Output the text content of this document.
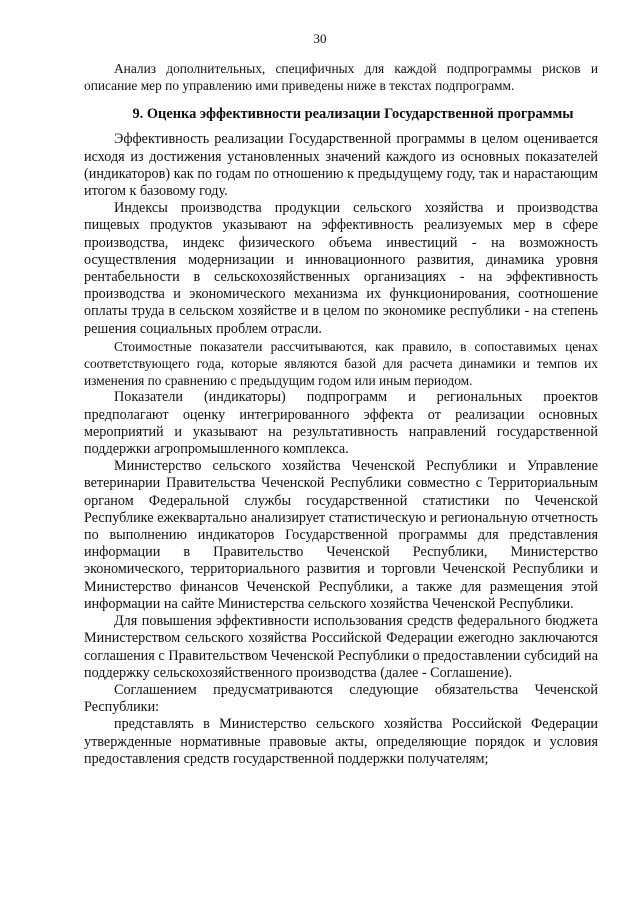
30

Анализ дополнительных, специфичных для каждой подпрограммы рисков и описание мер по управлению ими приведены ниже в текстах подпрограмм.

9. Оценка эффективности реализации Государственной программы

Эффективность реализации Государственной программы в целом оценивается исходя из достижения установленных значений каждого из основных показателей (индикаторов) как по годам по отношению к предыдущему году, так и нарастающим итогом к базовому году.

Индексы производства продукции сельского хозяйства и производства пищевых продуктов указывают на эффективность реализуемых мер в сфере производства, индекс физического объема инвестиций - на возможность осуществления модернизации и инновационного развития, динамика уровня рентабельности в сельскохозяйственных организациях - на эффективность производства и экономического механизма их функционирования, соотношение оплаты труда в сельском хозяйстве и в целом по экономике республики - на степень решения социальных проблем отрасли.

Стоимостные показатели рассчитываются, как правило, в сопоставимых ценах соответствующего года, которые являются базой для расчета динамики и темпов их изменения по сравнению с предыдущим годом или иным периодом.

Показатели (индикаторы) подпрограмм и региональных проектов предполагают оценку интегрированного эффекта от реализации основных мероприятий и указывают на результативность направлений государственной поддержки агропромышленного комплекса.

Министерство сельского хозяйства Чеченской Республики и Управление ветеринарии Правительства Чеченской Республики совместно с Территориальным органом Федеральной службы государственной статистики по Чеченской Республике ежеквартально анализирует статистическую и региональную отчетность по выполнению индикаторов Государственной программы для представления информации в Правительство Чеченской Республики, Министерство экономического, территориального развития и торговли Чеченской Республики и Министерство финансов Чеченской Республики, а также для размещения этой информации на сайте Министерства сельского хозяйства Чеченской Республики.

Для повышения эффективности использования средств федерального бюджета Министерством сельского хозяйства Российской Федерации ежегодно заключаются соглашения с Правительством Чеченской Республики о предоставлении субсидий на поддержку сельскохозяйственного производства (далее - Соглашение).

Соглашением предусматриваются следующие обязательства Чеченской Республики:

представлять в Министерство сельского хозяйства Российской Федерации утвержденные нормативные правовые акты, определяющие порядок и условия предоставления средств государственной поддержки получателям;
